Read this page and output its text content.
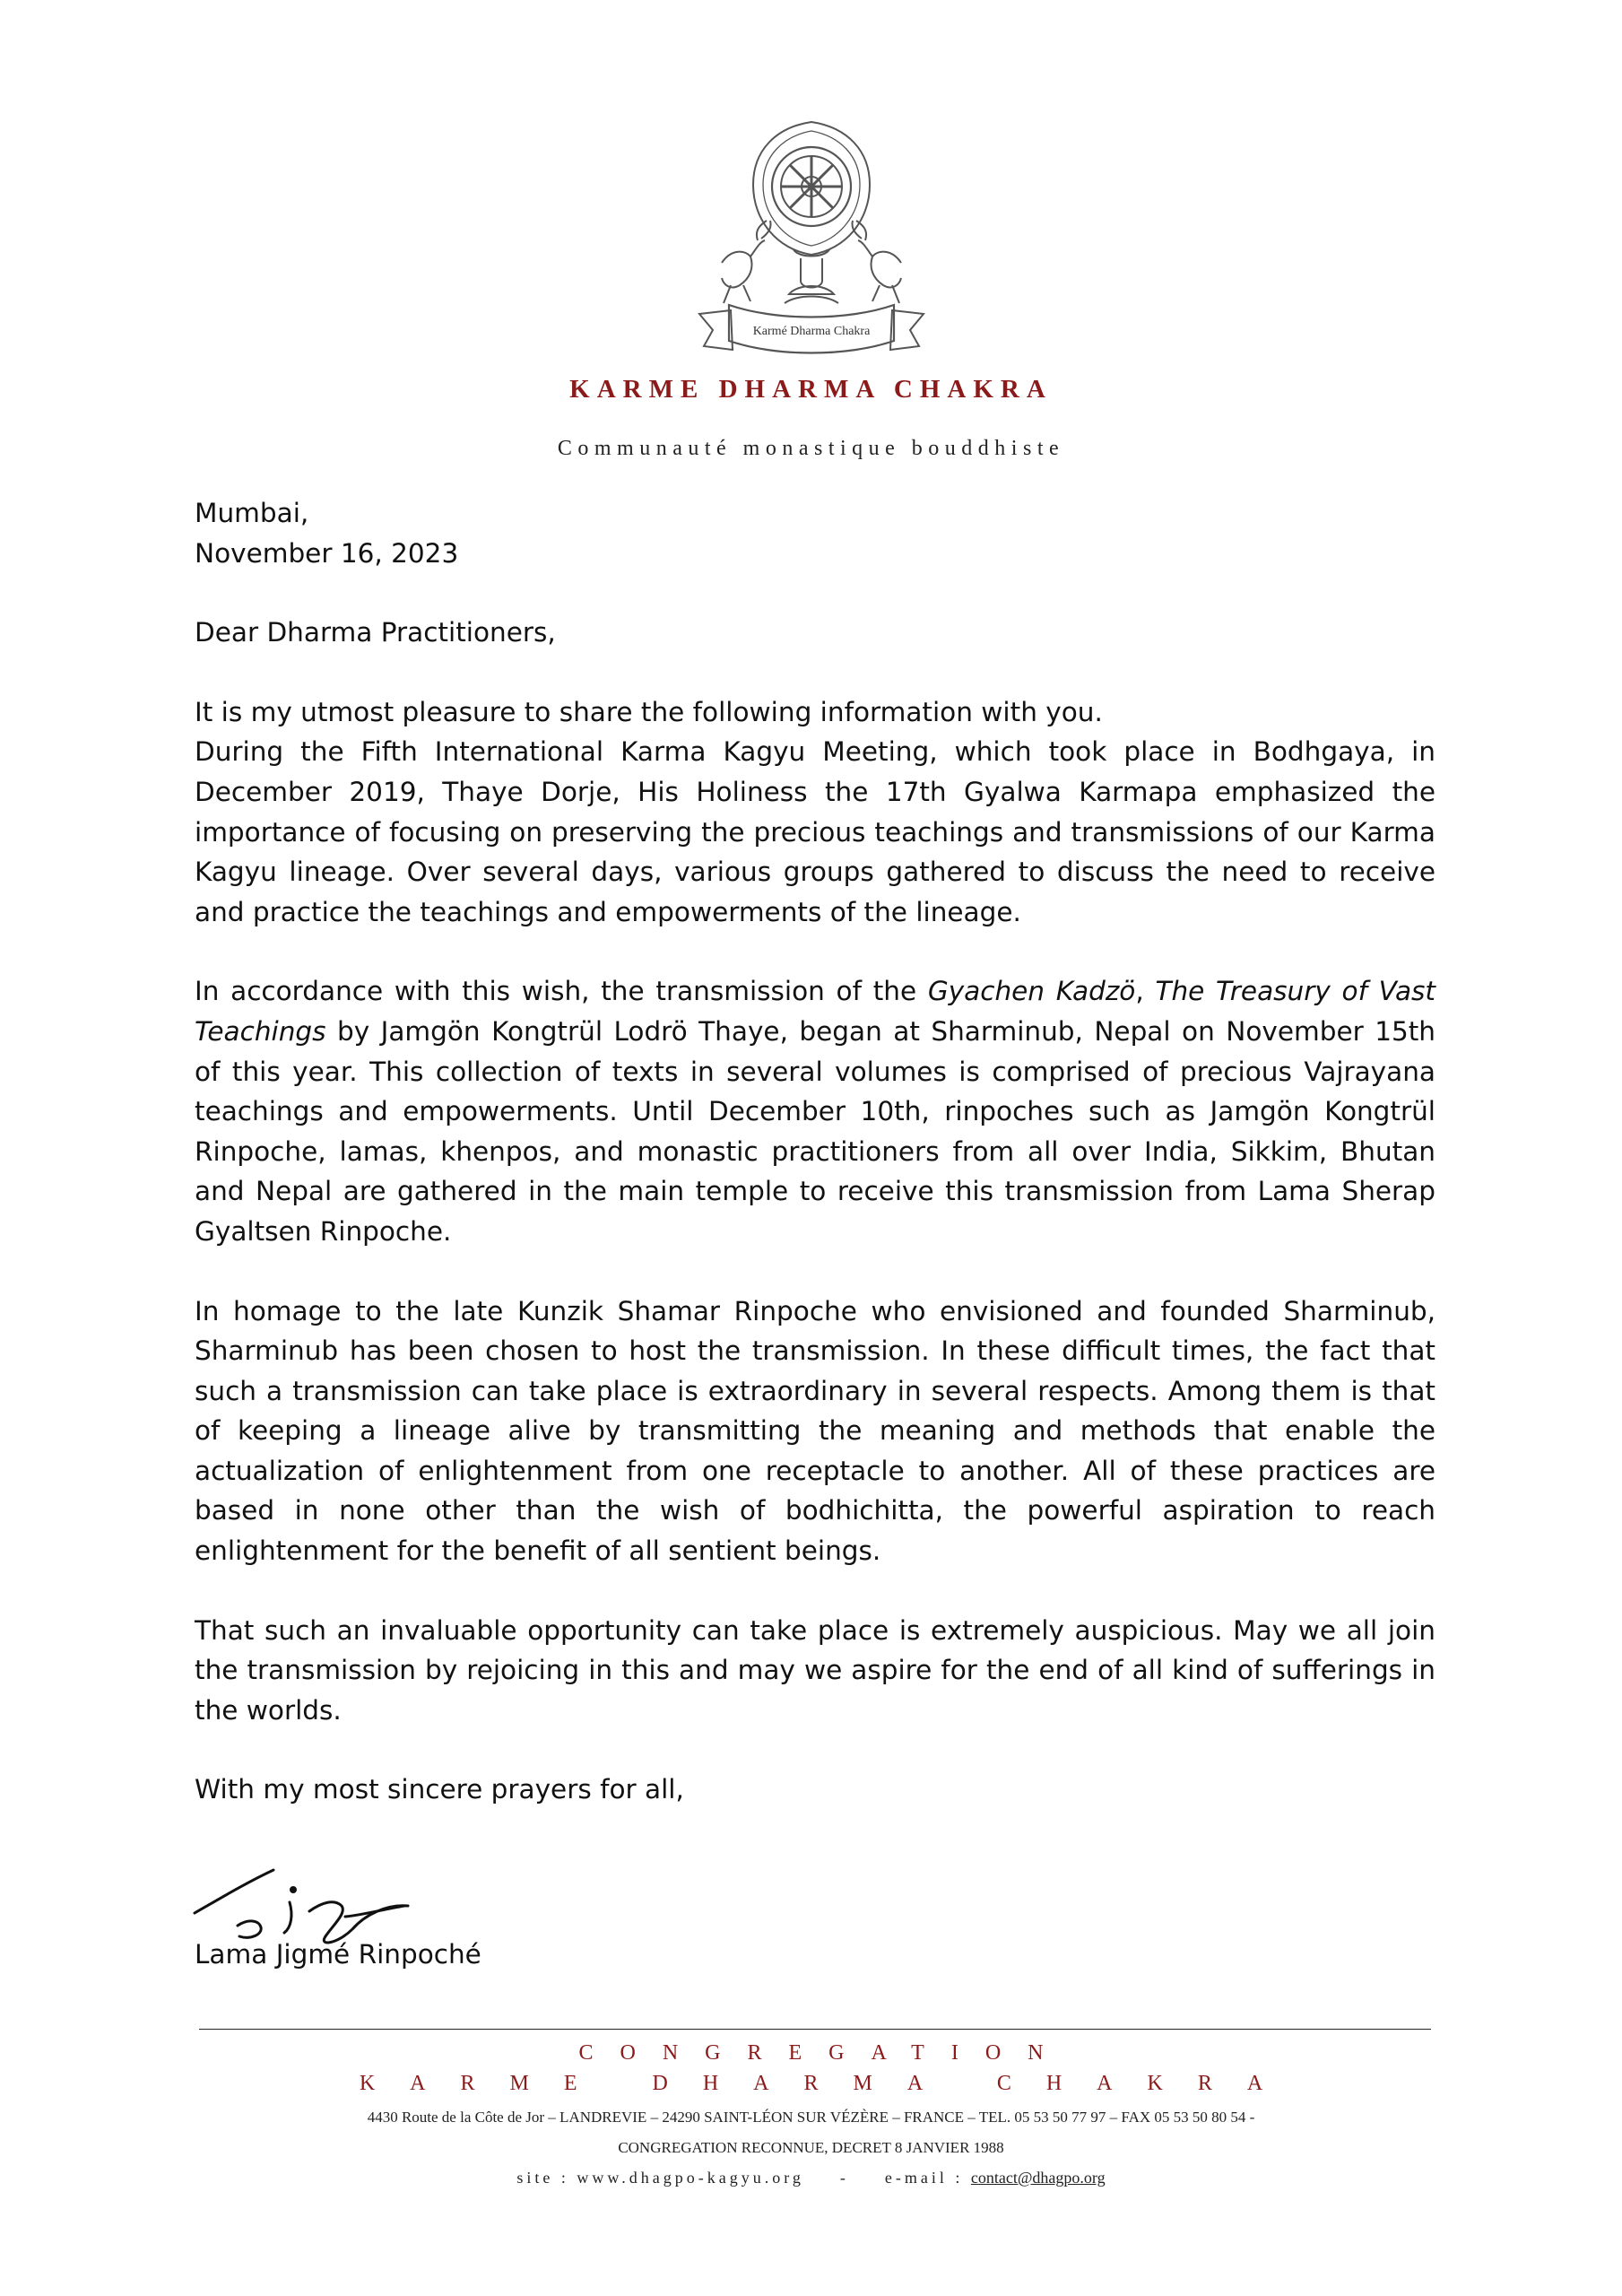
Karmé Dharma Chakra
KARME DHARMA CHAKRA
Communauté monastique bouddhiste

Mumbai,

November 16, 2023

Dear Dharma Practitioners,

It is my utmost pleasure to share the following information with you.

During the Fifth International Karma Kagyu Meeting, which took place in Bodhgaya, in December 2019, Thaye Dorje, His Holiness the 17th Gyalwa Karmapa emphasized the importance of focusing on preserving the precious teachings and transmissions of our Karma Kagyu lineage. Over several days, various groups gathered to discuss the need to receive and practice the teachings and empowerments of the lineage.

In accordance with this wish, the transmission of the Gyachen Kadzö, The Treasury of Vast Teachings by Jamgön Kongtrül Lodrö Thaye, began at Sharminub, Nepal on November 15th of this year. This collection of texts in several volumes is comprised of precious Vajrayana teachings and empowerments. Until December 10th, rinpoches such as Jamgön Kongtrül Rinpoche, lamas, khenpos, and monastic practitioners from all over India, Sikkim, Bhutan and Nepal are gathered in the main temple to receive this transmission from Lama Sherap Gyaltsen Rinpoche.

In homage to the late Kunzik Shamar Rinpoche who envisioned and founded Sharminub, Sharminub has been chosen to host the transmission. In these difficult times, the fact that such a transmission can take place is extraordinary in several respects. Among them is that of keeping a lineage alive by transmitting the meaning and methods that enable the actualization of enlightenment from one receptacle to another. All of these practices are based in none other than the wish of bodhichitta, the powerful aspiration to reach enlightenment for the benefit of all sentient beings.

That such an invaluable opportunity can take place is extremely auspicious. May we all join the transmission by rejoicing in this and may we aspire for the end of all kind of sufferings in the worlds.

With my most sincere prayers for all,

Lama Jigmé Rinpoché
CONGREGATION
KARME DHARMA CHAKRA
4430 Route de la Côte de Jor – LANDREVIE – 24290 SAINT-LÉON SUR VÉZÈRE – FRANCE – TEL. 05 53 50 77 97 – FAX 05 53 50 80 54 -
CONGREGATION RECONNUE, DECRET 8 JANVIER 1988
site : www.dhagpo-kagyu.org - e-mail : contact@dhagpo.org
